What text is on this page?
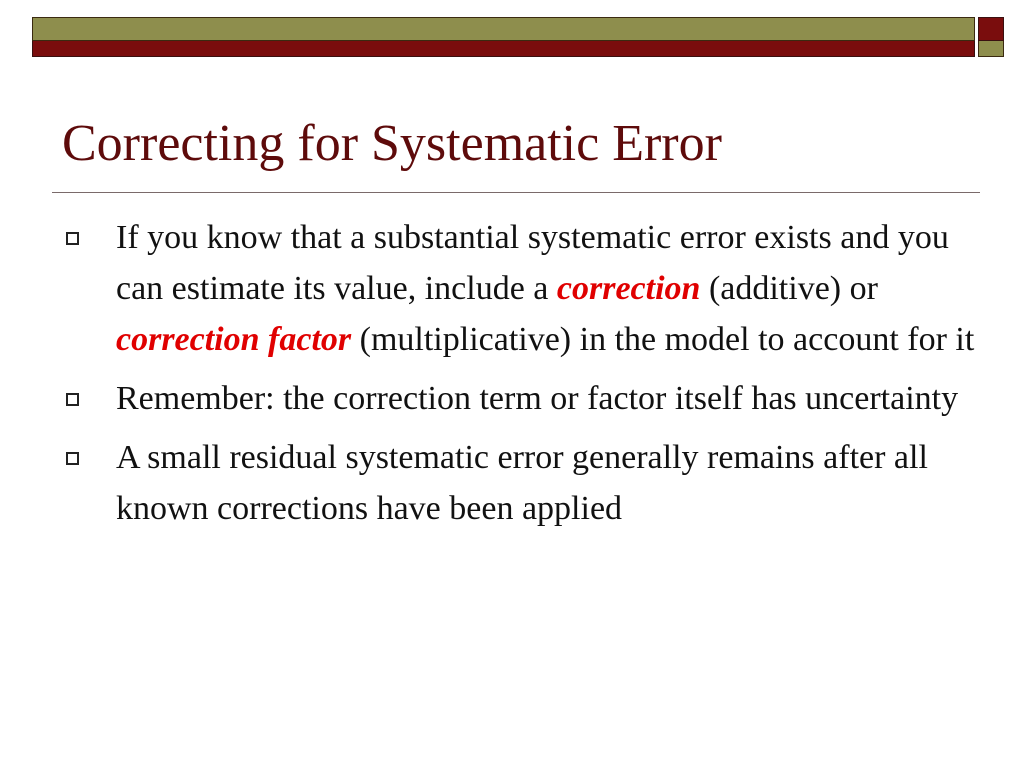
Correcting for Systematic Error
If you know that a substantial systematic error exists and you can estimate its value, include a correction (additive) or correction factor (multiplicative) in the model to account for it
Remember: the correction term or factor itself has uncertainty
A small residual systematic error generally remains after all known corrections have been applied
